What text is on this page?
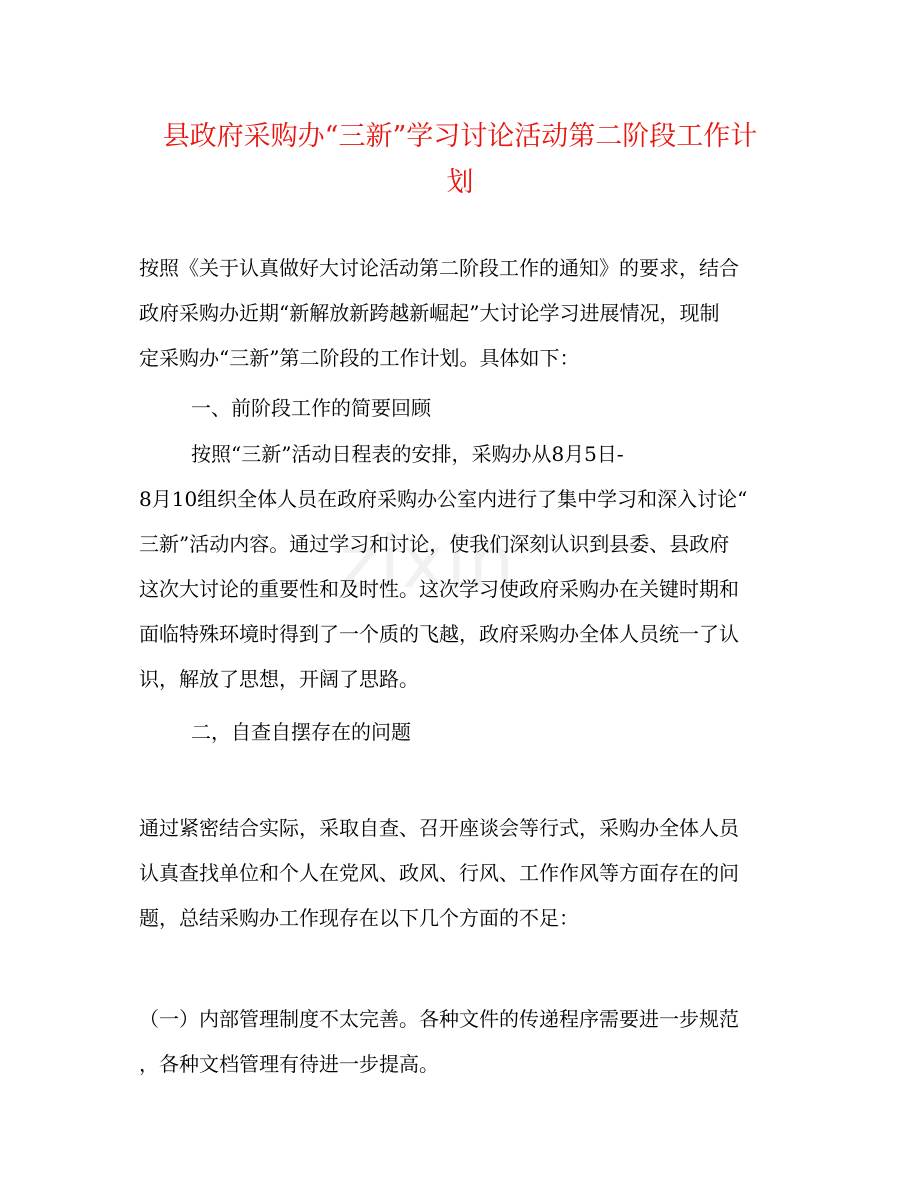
zixin
县政府采购办“三新”学习讨论活动第二阶段工作计
划
按照《关于认真做好大讨论活动第二阶段工作的通知》的要求，结合
政府采购办近期“新解放新跨越新崛起”大讨论学习进展情况，现制
定采购办“三新”第二阶段的工作计划。具体如下：
一、前阶段工作的简要回顾
按照“三新”活动日程表的安排，采购办从8月5日-
8月10组织全体人员在政府采购办公室内进行了集中学习和深入讨论“
三新”活动内容。通过学习和讨论，使我们深刻认识到县委、县政府
这次大讨论的重要性和及时性。这次学习使政府采购办在关键时期和
面临特殊环境时得到了一个质的飞越，政府采购办全体人员统一了认
识，解放了思想，开阔了思路。
二，自查自摆存在的问题
通过紧密结合实际，采取自查、召开座谈会等行式，采购办全体人员
认真查找单位和个人在党风、政风、行风、工作作风等方面存在的问
题，总结采购办工作现存在以下几个方面的不足：
（一）内部管理制度不太完善。各种文件的传递程序需要进一步规范
，各种文档管理有待进一步提高。
